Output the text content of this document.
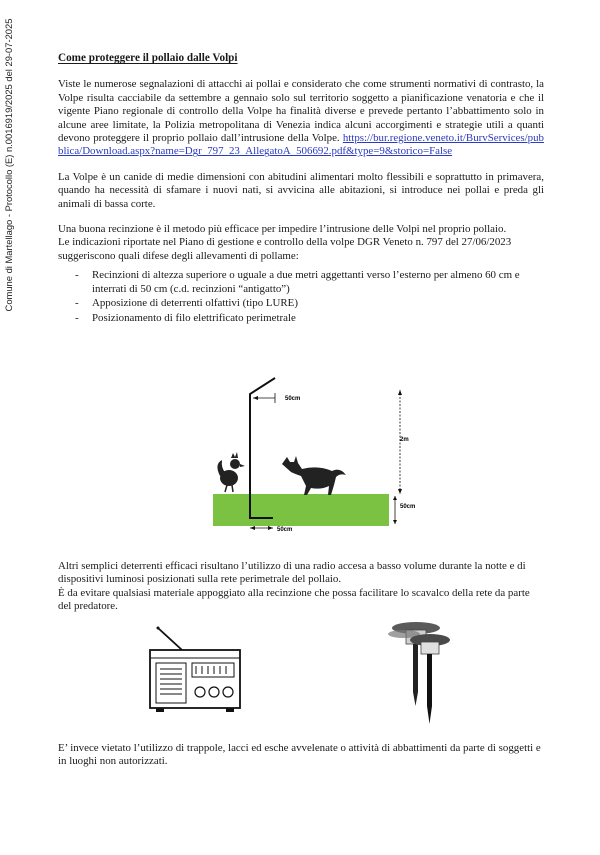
Comune di Martellago - Protocollo (E) n.0016919/2025 del 29-07-2025	Come proteggere il pollaio dalle Volpi

Viste le numerose segnalazioni di attacchi ai pollai e considerato che come strumenti normativi di contrasto, la Volpe risulta cacciabile da settembre a gennaio solo sul territorio soggetto a pianificazione venatoria e che il vigente Piano regionale di controllo della Volpe ha finalità diverse e prevede pertanto l’abbattimento solo in alcune aree limitate, la Polizia metropolitana di Venezia indica alcuni accorgimenti e strategie utili a quanti devono proteggere il proprio pollaio dall’intrusione della Volpe. https://bur.regione.veneto.it/BurvServices/pubblica/Download.aspx?name=Dgr_797_23_AllegatoA_506692.pdf&type=9&storico=False

La Volpe è un canide di medie dimensioni con abitudini alimentari molto flessibili e soprattutto in primavera, quando ha necessità di sfamare i nuovi nati, si avvicina alle abitazioni, si introduce nei pollai e preda gli animali di bassa corte.

Una buona recinzione è il metodo più efficace per impedire l’intrusione delle Volpi nel proprio pollaio.

Le indicazioni riportate nel Piano di gestione e controllo della volpe DGR Veneto n. 797 del 27/06/2023 suggeriscono quali difese degli allevamenti di pollame:

- Recinzioni di altezza superiore o uguale a due metri aggettanti verso l’esterno per almeno 60 cm e interrati di 50 cm (c.d. recinzioni “antigatto”)
- Apposizione di deterrenti olfattivi (tipo LURE)
- Posizionamento di filo elettrificato perimetrale
50cm
2m
50cm
50cm

Altri semplici deterrenti efficaci risultano l’utilizzo di una radio accesa a basso volume durante la notte e di dispositivi luminosi posizionati sulla rete perimetrale del pollaio.

È da evitare qualsiasi materiale appoggiato alla recinzione che possa facilitare lo scavalco della rete da parte del predatore.

E’ invece vietato l’utilizzo di trappole, lacci ed esche avvelenate o attività di abbattimenti da parte di soggetti e in luoghi non autorizzati.
